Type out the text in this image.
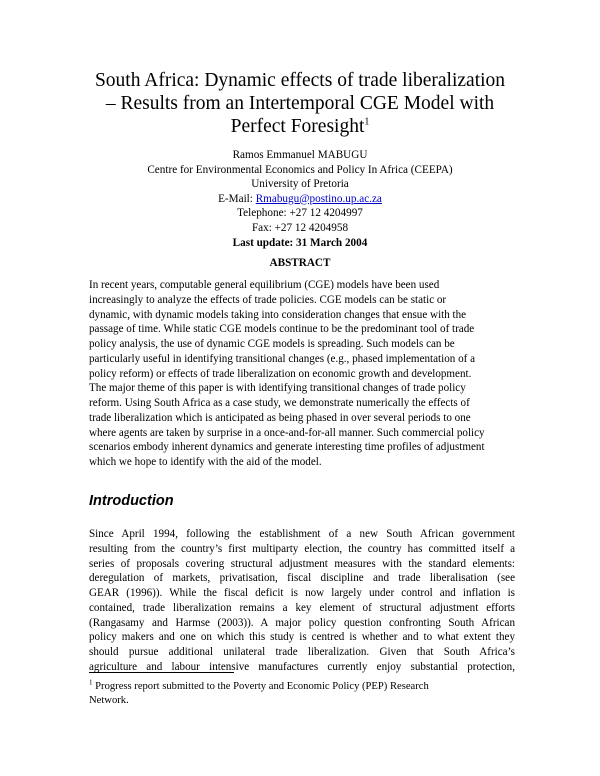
South Africa: Dynamic effects of trade liberalization
– Results from an Intertemporal CGE Model with
Perfect Foresight$^1$
Ramos Emmanuel MABUGU
Centre for Environmental Economics and Policy In Africa (CEEPA)
University of Pretoria
E-Mail: Rmabugu@postino.up.ac.za
Telephone: +27 12 4204997
Fax: +27 12 4204958
Last update: 31 March 2004
ABSTRACT
In recent years, computable general equilibrium (CGE) models have been used
increasingly to analyze the effects of trade policies. CGE models can be static or
dynamic, with dynamic models taking into consideration changes that ensue with the
passage of time. While static CGE models continue to be the predominant tool of trade
policy analysis, the use of dynamic CGE models is spreading. Such models can be
particularly useful in identifying transitional changes (e.g., phased implementation of a
policy reform) or effects of trade liberalization on economic growth and development.
The major theme of this paper is with identifying transitional changes of trade policy
reform. Using South Africa as a case study, we demonstrate numerically the effects of
trade liberalization which is anticipated as being phased in over several periods to one
where agents are taken by surprise in a once-and-for-all manner. Such commercial policy
scenarios embody inherent dynamics and generate interesting time profiles of adjustment
which we hope to identify with the aid of the model.
Introduction
Since April 1994, following the establishment of a new South African government
resulting from the country’s first multiparty election, the country has committed itself a
series of proposals covering structural adjustment measures with the standard elements:
deregulation of markets, privatisation, fiscal discipline and trade liberalisation (see
GEAR (1996)). While the fiscal deficit is now largely under control and inflation is
contained, trade liberalization remains a key element of structural adjustment efforts
(Rangasamy and Harmse (2003)). A major policy question confronting South African
policy makers and one on which this study is centred is whether and to what extent they
should pursue additional unilateral trade liberalization. Given that South Africa’s
agriculture and labour intensive manufactures currently enjoy substantial protection,
$^1$ Progress report submitted to the Poverty and Economic Policy (PEP) Research
Network.
